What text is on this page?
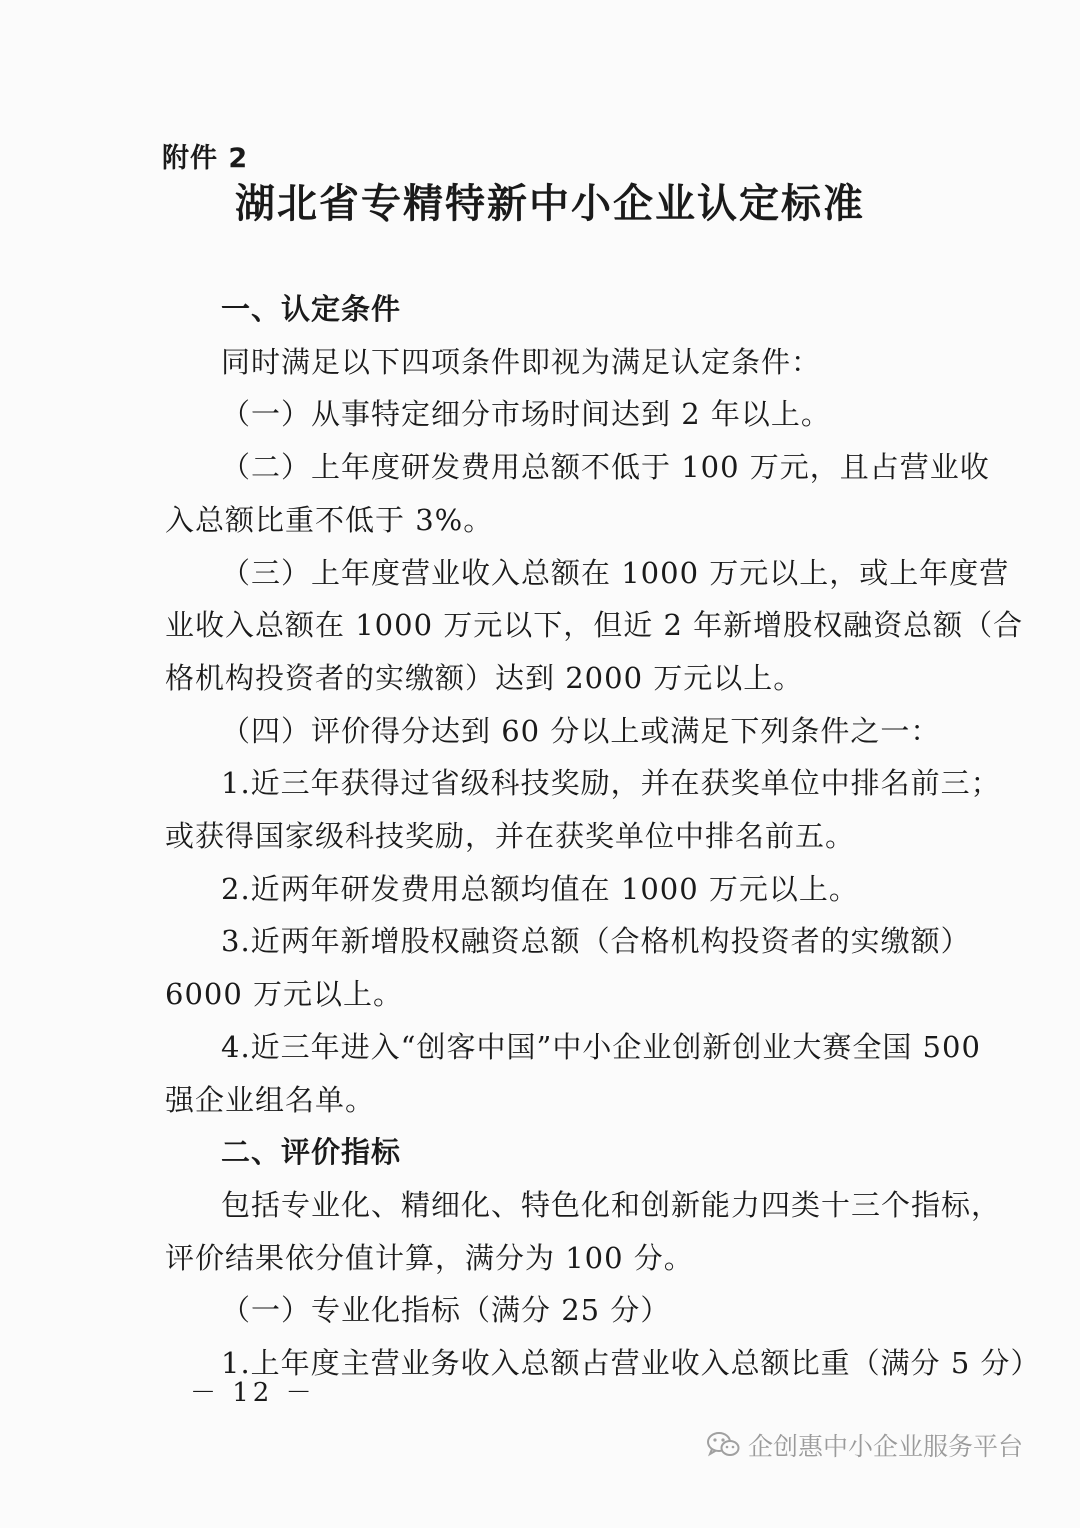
附件 2
湖北省专精特新中小企业认定标准
一、认定条件
同时满足以下四项条件即视为满足认定条件：
（一）从事特定细分市场时间达到 2 年以上。
（二）上年度研发费用总额不低于 100 万元，且占营业收
入总额比重不低于 3%。
（三）上年度营业收入总额在 1000 万元以上，或上年度营
业收入总额在 1000 万元以下，但近 2 年新增股权融资总额（合
格机构投资者的实缴额）达到 2000 万元以上。
（四）评价得分达到 60 分以上或满足下列条件之一：
1.近三年获得过省级科技奖励，并在获奖单位中排名前三；
或获得国家级科技奖励，并在获奖单位中排名前五。
2.近两年研发费用总额均值在 1000 万元以上。
3.近两年新增股权融资总额（合格机构投资者的实缴额）
6000 万元以上。
4.近三年进入“创客中国”中小企业创新创业大赛全国 500
强企业组名单。
二、评价指标
包括专业化、精细化、特色化和创新能力四类十三个指标，
评价结果依分值计算，满分为 100 分。
（一）专业化指标（满分 25 分）
1.上年度主营业务收入总额占营业收入总额比重（满分 5 分）
－ 12 －
企创惠中小企业服务平台
